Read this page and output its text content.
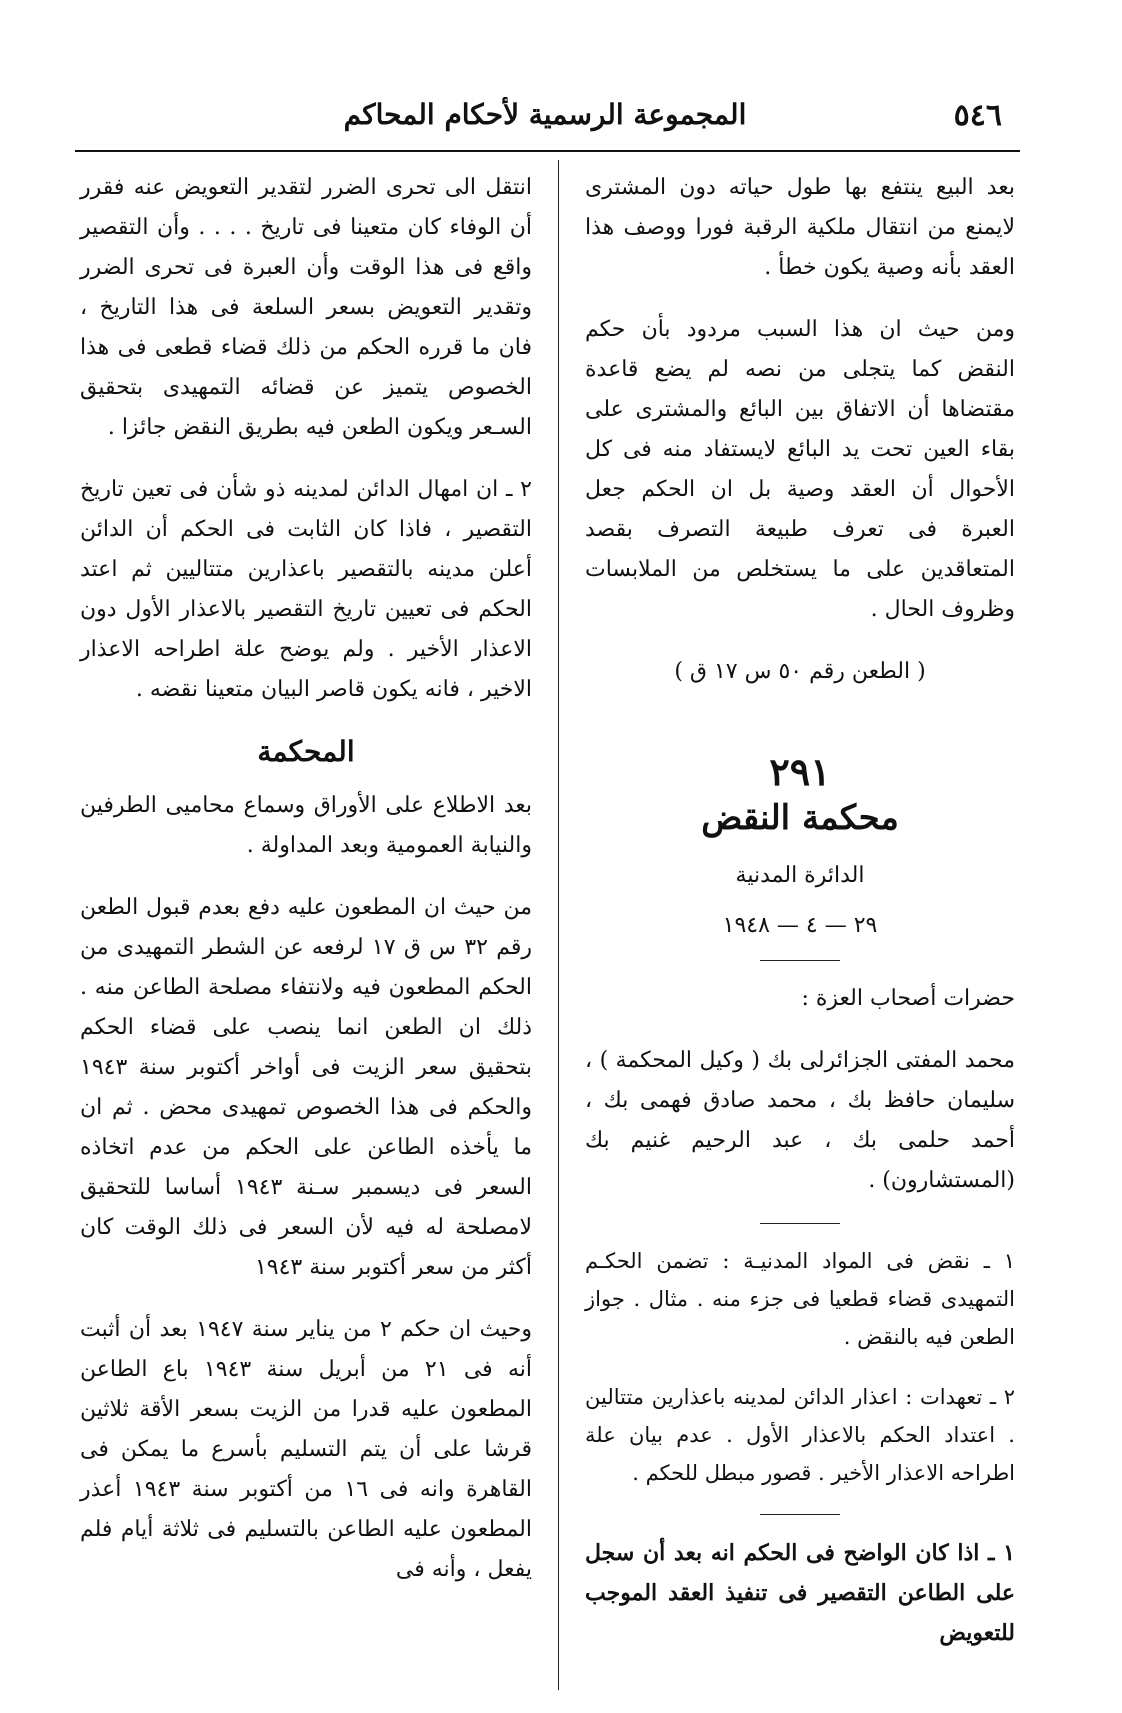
٥٤٦
المجموعة الرسمية لأحكام المحاكم

بعد البيع ينتفع بها طول حياته دون المشترى لايمنع من انتقال ملكية الرقبة فورا ووصف هذا العقد بأنه وصية يكون خطأ .

ومن حيث ان هذا السبب مردود بأن حكم النقض كما يتجلى من نصه لم يضع قاعدة مقتضاها أن الاتفاق بين البائع والمشترى على بقاء العين تحت يد البائع لايستفاد منه فى كل الأحوال أن العقد وصية بل ان الحكم جعل العبرة فى تعرف طبيعة التصرف بقصد المتعاقدين على ما يستخلص من الملابسات وظروف الحال .

( الطعن رقم ٥٠ س ١٧ ق )
٢٩١
محكمة النقض
الدائرة المدنية
٢٩ — ٤ — ١٩٤٨

حضرات أصحاب العزة :

محمد المفتى الجزائرلى بك ( وكيل المحكمة ) ، سليمان حافظ بك ، محمد صادق فهمى بك ، أحمد حلمى بك ، عبد الرحيم غنيم بك (المستشارون) .

١ ـ نقض فى المواد المدنيـة : تضمن الحكـم التمهيدى قضاء قطعيا فى جزء منه . مثال . جواز الطعن فيه بالنقض .

٢ ـ تعهدات : اعذار الدائن لمدينه باعذارين متتالين . اعتداد الحكم بالاعذار الأول . عدم بيان علة اطراحه الاعذار الأخير . قصور مبطل للحكم .

١ ـ اذا كان الواضح فى الحكم انه بعد أن سجل على الطاعن التقصير فى تنفيذ العقد الموجب للتعويض

انتقل الى تحرى الضرر لتقدير التعويض عنه فقرر أن الوفاء كان متعينا فى تاريخ . . . . وأن التقصير واقع فى هذا الوقت وأن العبرة فى تحرى الضرر وتقدير التعويض بسعر السلعة فى هذا التاريخ ، فان ما قرره الحكم من ذلك قضاء قطعى فى هذا الخصوص يتميز عن قضائه التمهيدى بتحقيق السـعر ويكون الطعن فيه بطريق النقض جائزا .

٢ ـ ان امهال الدائن لمدينه ذو شأن فى تعين تاريخ التقصير ، فاذا كان الثابت فى الحكم أن الدائن أعلن مدينه بالتقصير باعذارين متتاليين ثم اعتد الحكم فى تعيين تاريخ التقصير بالاعذار الأول دون الاعذار الأخير . ولم يوضح علة اطراحه الاعذار الاخير ، فانه يكون قاصر البيان متعينا نقضه .

المحكمة

بعد الاطلاع على الأوراق وسماع محاميى الطرفين والنيابة العمومية وبعد المداولة .

من حيث ان المطعون عليه دفع بعدم قبول الطعن رقم ٣٢ س ق ١٧ لرفعه عن الشطر التمهيدى من الحكم المطعون فيه ولانتفاء مصلحة الطاعن منه . ذلك ان الطعن انما ينصب على قضاء الحكم بتحقيق سعر الزيت فى أواخر أكتوبر سنة ١٩٤٣ والحكم فى هذا الخصوص تمهيدى محض . ثم ان ما يأخذه الطاعن على الحكم من عدم اتخاذه السعر فى ديسمبر سـنة ١٩٤٣ أساسا للتحقيق لامصلحة له فيه لأن السعر فى ذلك الوقت كان أكثر من سعر أكتوبر سنة ١٩٤٣

وحيث ان حكم ٢ من يناير سنة ١٩٤٧ بعد أن أثبت أنه فى ٢١ من أبريل سنة ١٩٤٣ باع الطاعن المطعون عليه قدرا من الزيت بسعر الأقة ثلاثين قرشا على أن يتم التسليم بأسرع ما يمكن فى القاهرة وانه فى ١٦ من أكتوبر سنة ١٩٤٣ أعذر المطعون عليه الطاعن بالتسليم فى ثلاثة أيام فلم يفعل ، وأنه فى
